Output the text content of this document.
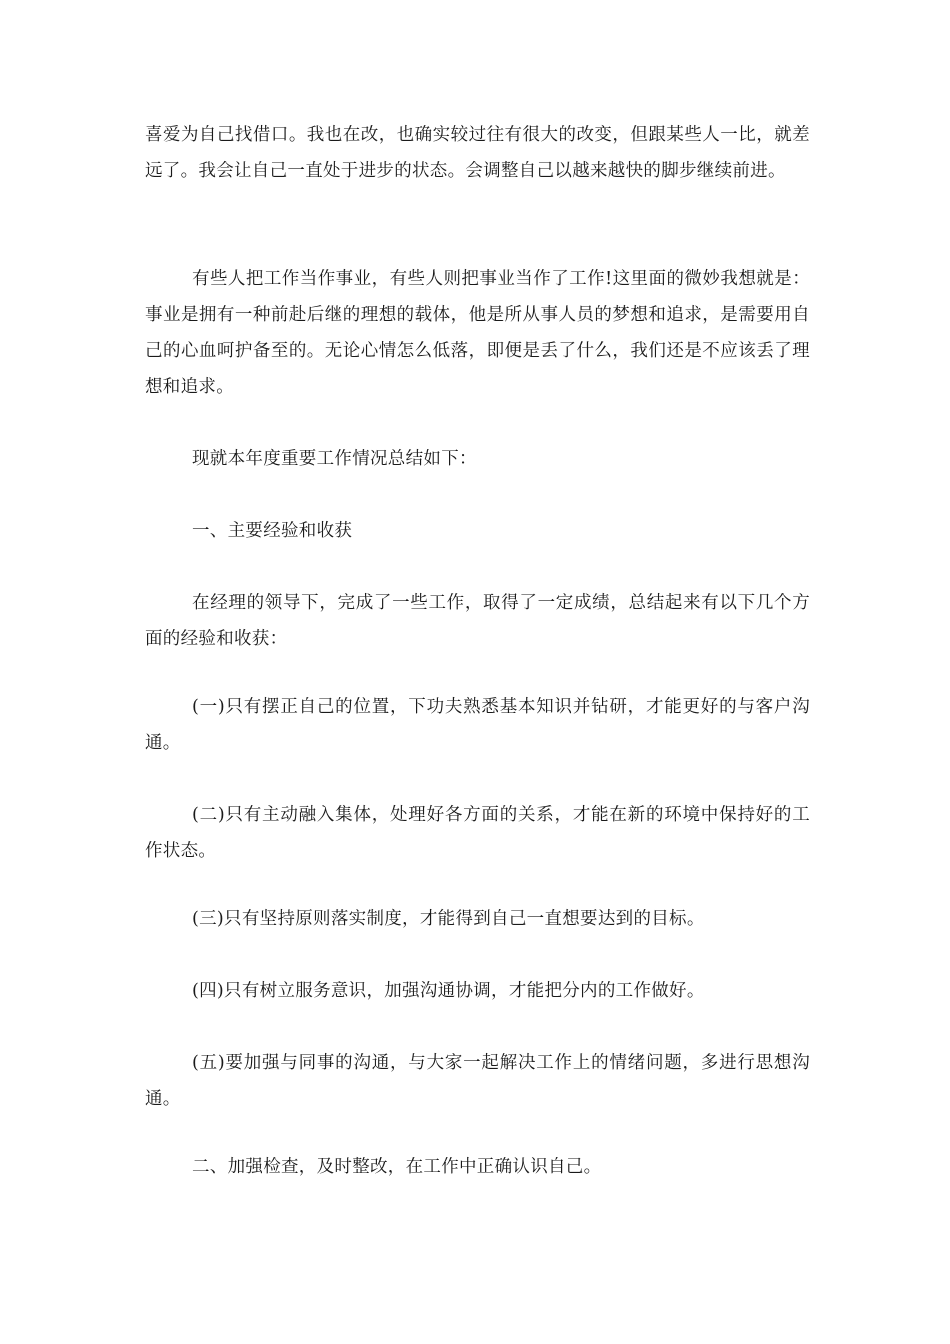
喜爱为自己找借口。我也在改，也确实较过往有很大的改变，但跟某些人一比，就差远了。我会让自己一直处于进步的状态。会调整自己以越来越快的脚步继续前进。

有些人把工作当作事业，有些人则把事业当作了工作!这里面的微妙我想就是：事业是拥有一种前赴后继的理想的载体，他是所从事人员的梦想和追求，是需要用自己的心血呵护备至的。无论心情怎么低落，即便是丢了什么，我们还是不应该丢了理想和追求。

现就本年度重要工作情况总结如下：

一、主要经验和收获

在经理的领导下，完成了一些工作，取得了一定成绩，总结起来有以下几个方面的经验和收获：

(一)只有摆正自己的位置，下功夫熟悉基本知识并钻研，才能更好的与客户沟通。

(二)只有主动融入集体，处理好各方面的关系，才能在新的环境中保持好的工作状态。

(三)只有坚持原则落实制度，才能得到自己一直想要达到的目标。

(四)只有树立服务意识，加强沟通协调，才能把分内的工作做好。

(五)要加强与同事的沟通，与大家一起解决工作上的情绪问题，多进行思想沟通。

二、加强检查，及时整改，在工作中正确认识自己。
